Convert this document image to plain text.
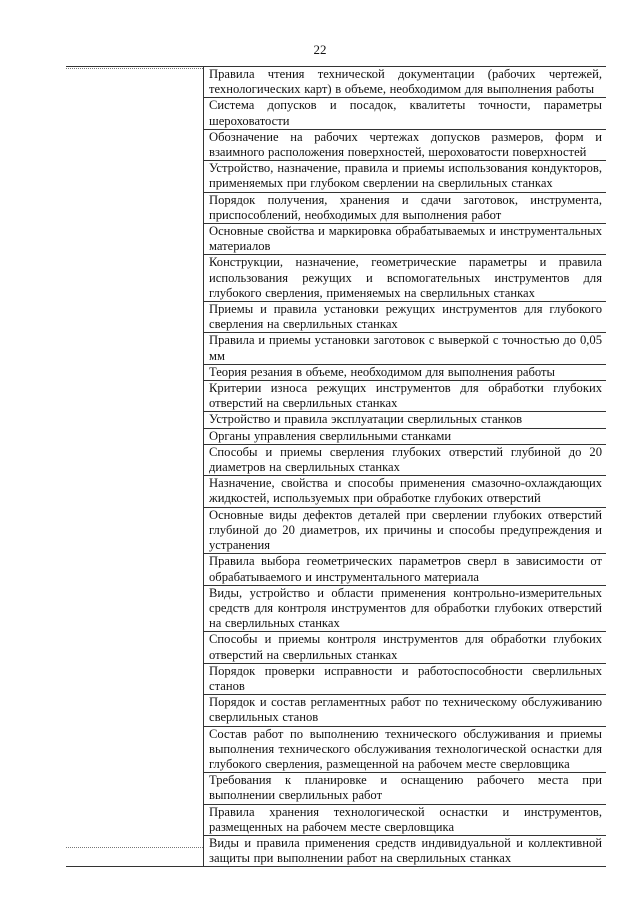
22
Правила чтения технической документации (рабочих чертежей, технологических карт) в объеме, необходимом для выполнения работы
Система допусков и посадок, квалитеты точности, параметры шероховатости
Обозначение на рабочих чертежах допусков размеров, форм и взаимного расположения поверхностей, шероховатости поверхностей
Устройство, назначение, правила и приемы использования кондукторов, применяемых при глубоком сверлении на сверлильных станках
Порядок получения, хранения и сдачи заготовок, инструмента, приспособлений, необходимых для выполнения работ
Основные свойства и маркировка обрабатываемых и инструментальных материалов
Конструкции, назначение, геометрические параметры и правила использования режущих и вспомогательных инструментов для глубокого сверления, применяемых на сверлильных станках
Приемы и правила установки режущих инструментов для глубокого сверления на сверлильных станках
Правила и приемы установки заготовок с выверкой с точностью до 0,05 мм
Теория резания в объеме, необходимом для выполнения работы
Критерии износа режущих инструментов для обработки глубоких отверстий на сверлильных станках
Устройство и правила эксплуатации сверлильных станков
Органы управления сверлильными станками
Способы и приемы сверления глубоких отверстий глубиной до 20 диаметров на сверлильных станках
Назначение, свойства и способы применения смазочно-охлаждающих жидкостей, используемых при обработке глубоких отверстий
Основные виды дефектов деталей при сверлении глубоких отверстий глубиной до 20 диаметров, их причины и способы предупреждения и устранения
Правила выбора геометрических параметров сверл в зависимости от обрабатываемого и инструментального материала
Виды, устройство и области применения контрольно-измерительных средств для контроля инструментов для обработки глубоких отверстий на сверлильных станках
Способы и приемы контроля инструментов для обработки глубоких отверстий на сверлильных станках
Порядок проверки исправности и работоспособности сверлильных станов
Порядок и состав регламентных работ по техническому обслуживанию сверлильных станов
Состав работ по выполнению технического обслуживания и приемы выполнения технического обслуживания технологической оснастки для глубокого сверления, размещенной на рабочем месте сверловщика
Требования к планировке и оснащению рабочего места при выполнении сверлильных работ
Правила хранения технологической оснастки и инструментов, размещенных на рабочем месте сверловщика
Виды и правила применения средств индивидуальной и коллективной защиты при выполнении работ на сверлильных станках
